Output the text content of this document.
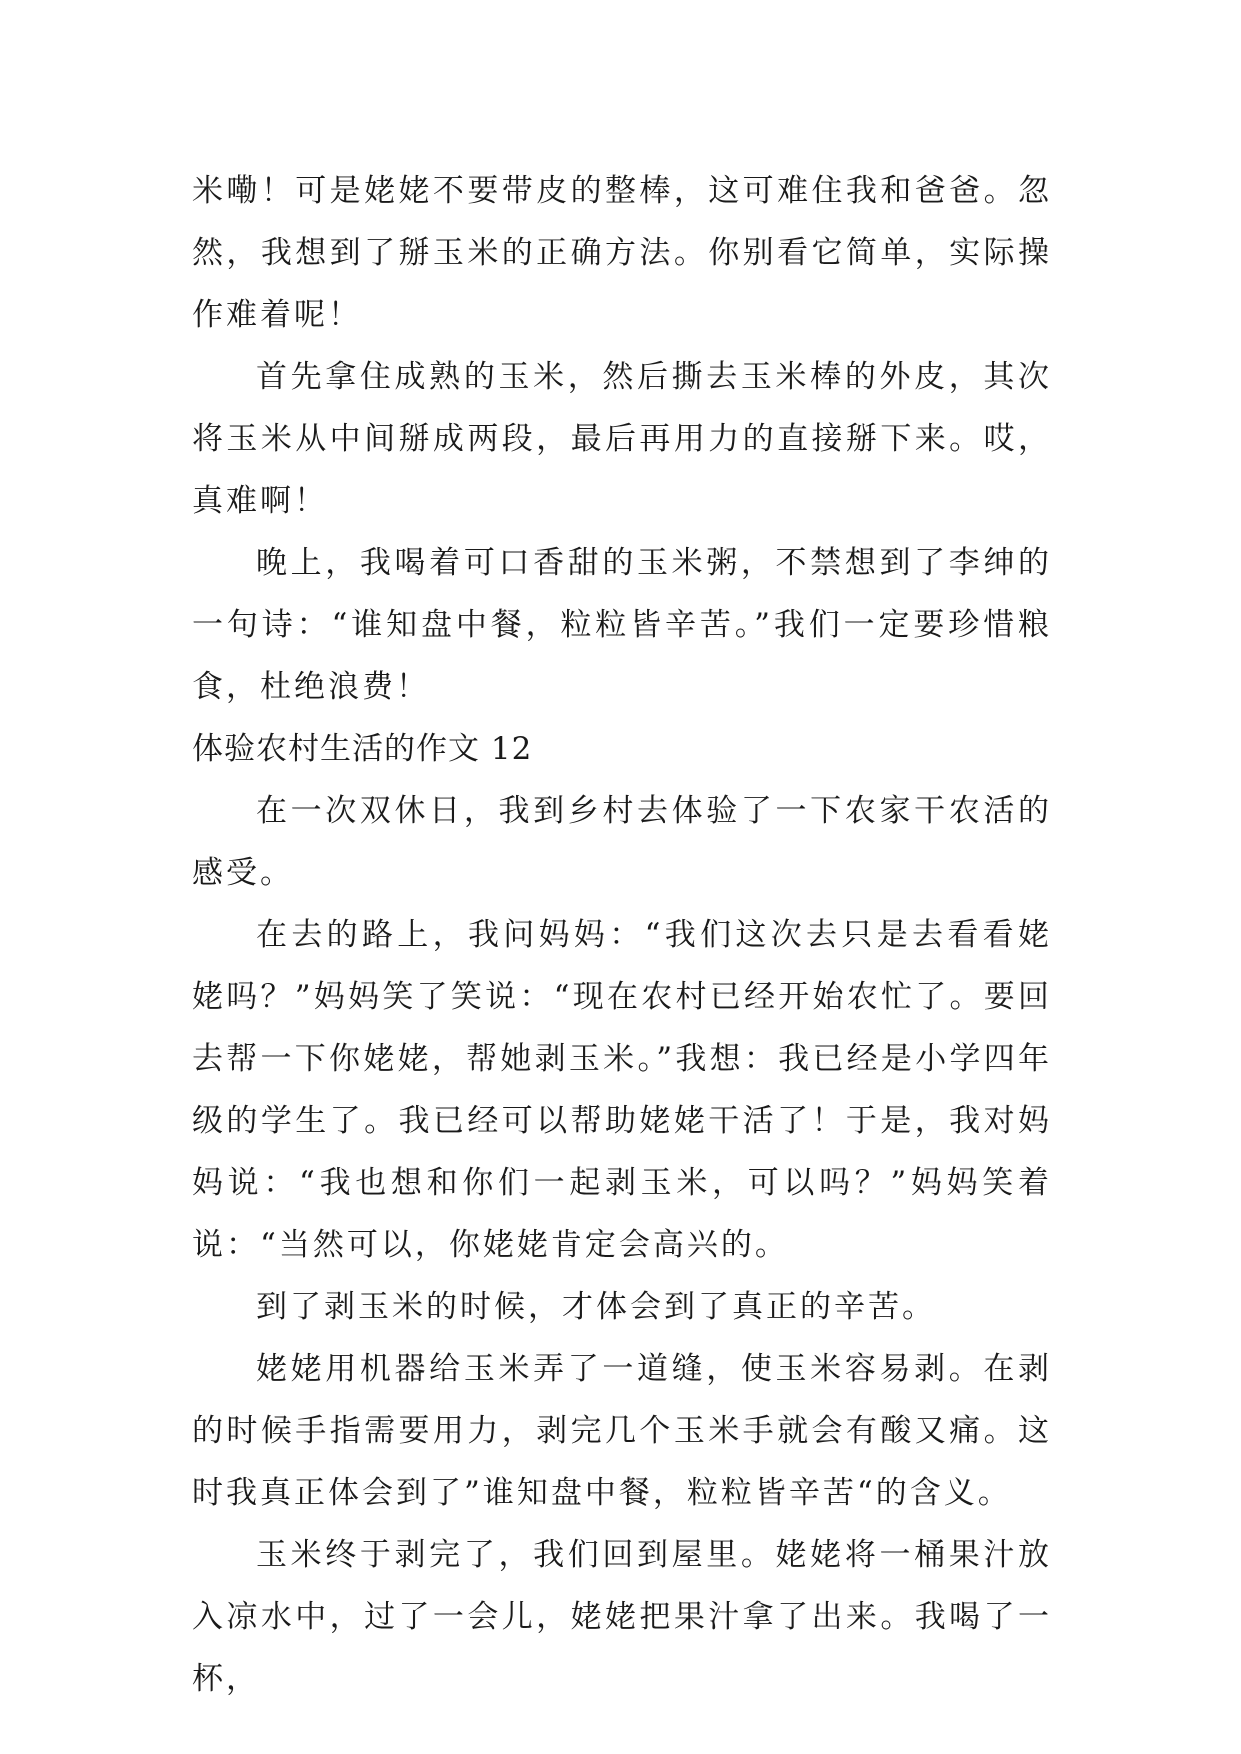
米嘞！可是姥姥不要带皮的整棒，这可难住我和爸爸。忽然，我想到了掰玉米的正确方法。你别看它简单，实际操作难着呢！

首先拿住成熟的玉米，然后撕去玉米棒的外皮，其次将玉米从中间掰成两段，最后再用力的直接掰下来。哎，真难啊！

晚上，我喝着可口香甜的玉米粥，不禁想到了李绅的一句诗：“谁知盘中餐，粒粒皆辛苦。”我们一定要珍惜粮食，杜绝浪费！

体验农村生活的作文 12

在一次双休日，我到乡村去体验了一下农家干农活的感受。

在去的路上，我问妈妈：“我们这次去只是去看看姥姥吗？”妈妈笑了笑说：“现在农村已经开始农忙了。要回去帮一下你姥姥，帮她剥玉米。”我想：我已经是小学四年级的学生了。我已经可以帮助姥姥干活了！于是，我对妈妈说：“我也想和你们一起剥玉米，可以吗？”妈妈笑着说：“当然可以，你姥姥肯定会高兴的。

到了剥玉米的时候，才体会到了真正的辛苦。

姥姥用机器给玉米弄了一道缝，使玉米容易剥。在剥的时候手指需要用力，剥完几个玉米手就会有酸又痛。这时我真正体会到了”谁知盘中餐，粒粒皆辛苦“的含义。

玉米终于剥完了，我们回到屋里。姥姥将一桶果汁放入凉水中，过了一会儿，姥姥把果汁拿了出来。我喝了一杯，
